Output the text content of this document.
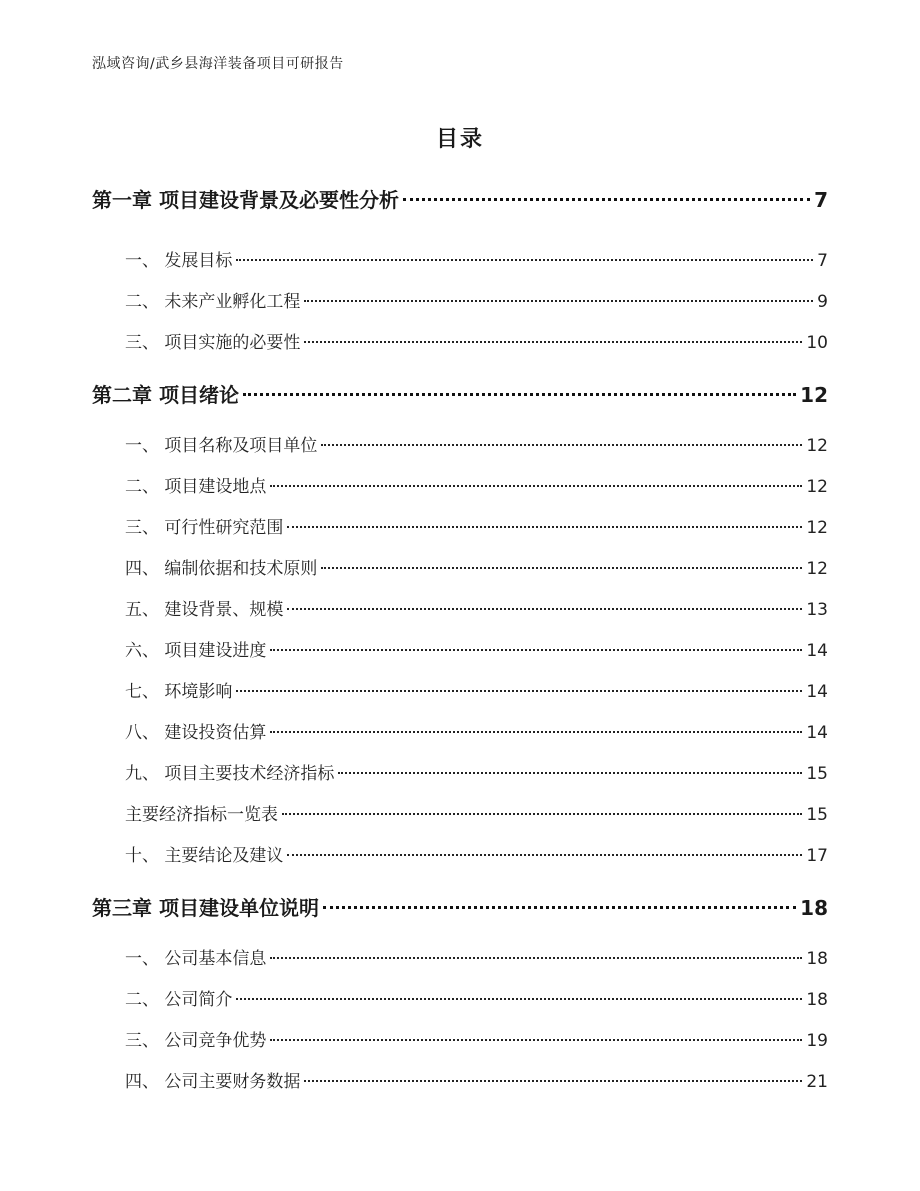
泓域咨询/武乡县海洋装备项目可研报告
目录
第一章 项目建设背景及必要性分析	7
一、 发展目标	7
二、 未来产业孵化工程	9
三、 项目实施的必要性	10
第二章 项目绪论	12
一、 项目名称及项目单位	12
二、 项目建设地点	12
三、 可行性研究范围	12
四、 编制依据和技术原则	12
五、 建设背景、规模	13
六、 项目建设进度	14
七、 环境影响	14
八、 建设投资估算	14
九、 项目主要技术经济指标	15
主要经济指标一览表	15
十、 主要结论及建议	17
第三章 项目建设单位说明	18
一、 公司基本信息	18
二、 公司简介	18
三、 公司竞争优势	19
四、 公司主要财务数据	21
